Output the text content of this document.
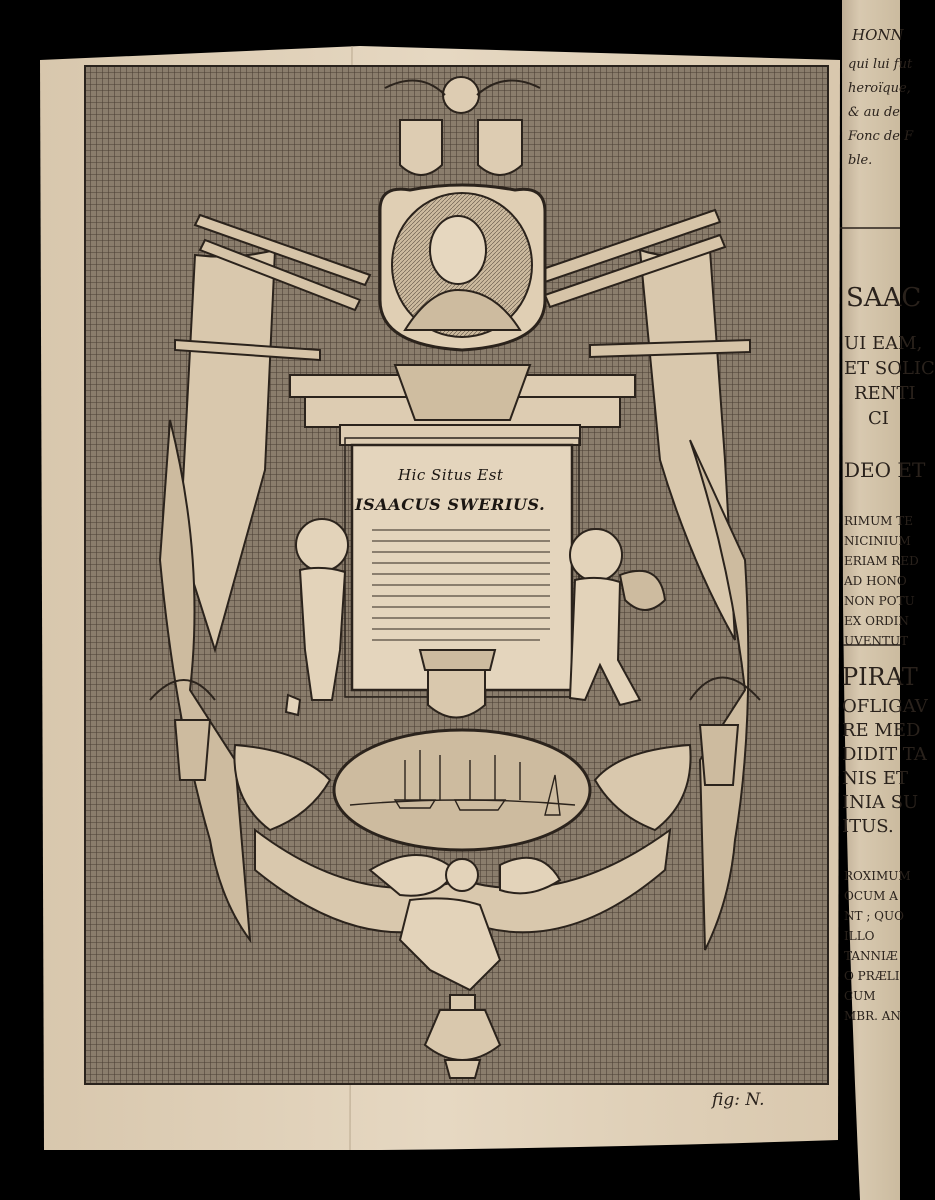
Hic Situs Est
ISAACUS SWERIUS.
fig: N.
HONN
qui lui fut
heroïque,
& au de
Fonc de F
ble.
SAAC
UI EAM,
ET SOLIC
RENTI
CI
DEO ET
RIMUM TE
NICINIUM
ERIAM RED
AD HONO
NON POTU
EX ORDIN
UVENTUT
PIRAT
OFLIGAV
RE MED
DIDIT TA
NIS ET
INIA SU
ITUS.
ROXIMUM
OCUM A
NT ; QUO
ILLO
TANNIÆ
O PRÆLI
CUM
MBR. AN
